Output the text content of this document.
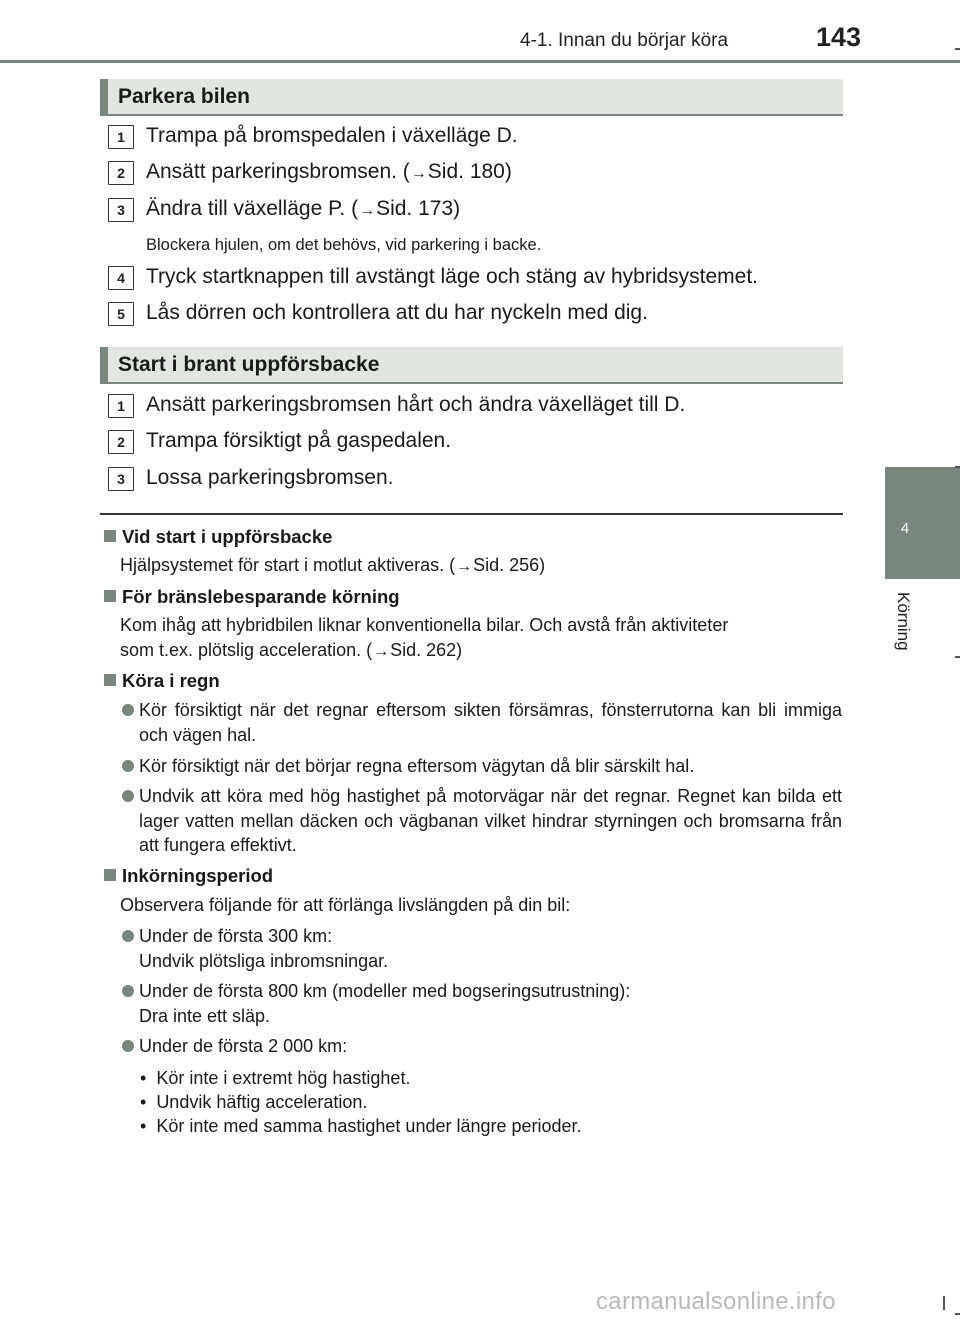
4-1. Innan du börjar köra	143
4
Körning
Parkera bilen
1	Trampa på bromspedalen i växelläge D.
2	Ansätt parkeringsbromsen. (→Sid. 180)
3	Ändra till växelläge P. (→Sid. 173)
Blockera hjulen, om det behövs, vid parkering i backe.
4	Tryck startknappen till avstängt läge och stäng av hybridsystemet.
5	Lås dörren och kontrollera att du har nyckeln med dig.
Start i brant uppförsbacke
1	Ansätt parkeringsbromsen hårt och ändra växelläget till D.
2	Trampa försiktigt på gaspedalen.
3	Lossa parkeringsbromsen.
Vid start i uppförsbacke
Hjälpsystemet för start i motlut aktiveras. (→Sid. 256)
För bränslebesparande körning
Kom ihåg att hybridbilen liknar konventionella bilar. Och avstå från aktiviteter
som t.ex. plötslig acceleration. (→Sid. 262)
Köra i regn
Kör försiktigt när det regnar eftersom sikten försämras, fönsterrutorna kan bli immiga och vägen hal.
Kör försiktigt när det börjar regna eftersom vägytan då blir särskilt hal.
Undvik att köra med hög hastighet på motorvägar när det regnar. Regnet kan bilda ett lager vatten mellan däcken och vägbanan vilket hindrar styrningen och bromsarna från att fungera effektivt.
Inkörningsperiod
Observera följande för att förlänga livslängden på din bil:
Under de första 300 km:
Undvik plötsliga inbromsningar.
Under de första 800 km (modeller med bogseringsutrustning):
Dra inte ett släp.
Under de första 2 000 km:
•  Kör inte i extremt hög hastighet.
•  Undvik häftig acceleration.
•  Kör inte med samma hastighet under längre perioder.
carmanualsonline.info
